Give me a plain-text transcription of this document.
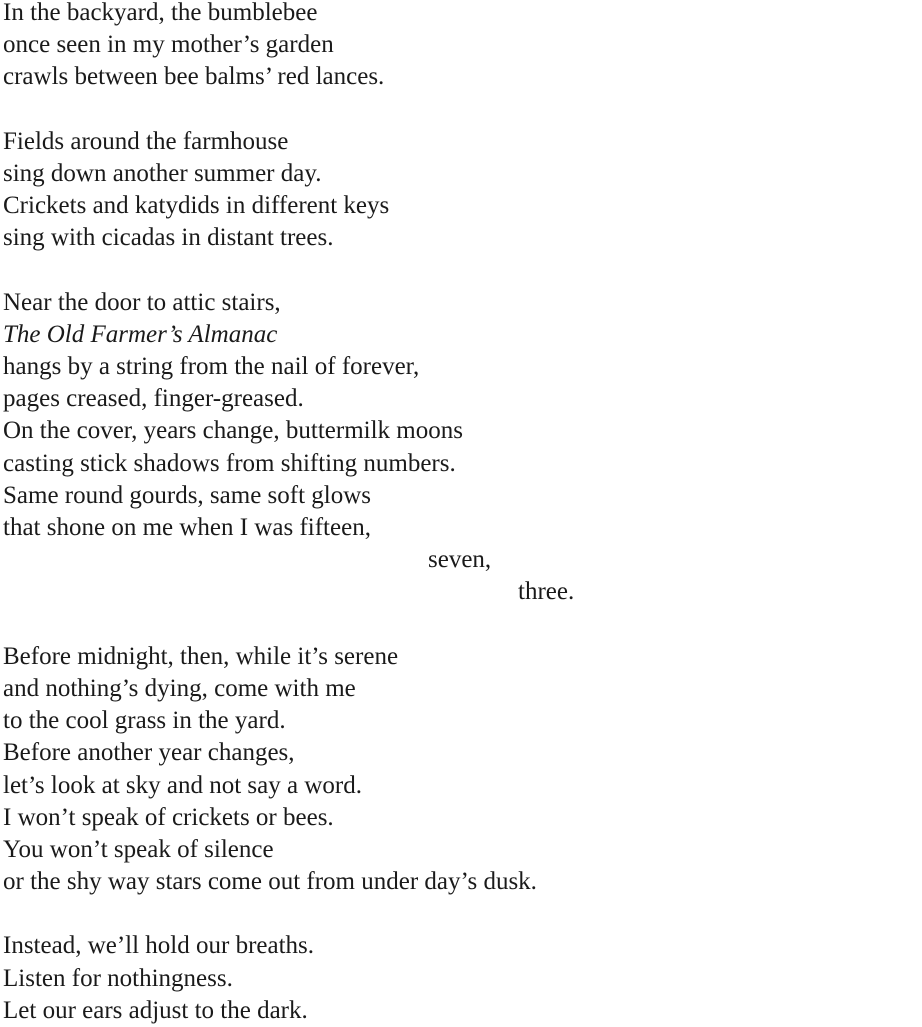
In the backyard, the bumblebee
once seen in my mother’s garden
crawls between bee balms’ red lances.
Fields around the farmhouse
sing down another summer day.
Crickets and katydids in different keys
sing with cicadas in distant trees.
Near the door to attic stairs,
The Old Farmer’s Almanac
hangs by a string from the nail of forever,
pages creased, finger-greased.
On the cover, years change, buttermilk moons
casting stick shadows from shifting numbers.
Same round gourds, same soft glows
that shone on me when I was fifteen,
seven,
three.
Before midnight, then, while it’s serene
and nothing’s dying, come with me
to the cool grass in the yard.
Before another year changes,
let’s look at sky and not say a word.
I won’t speak of crickets or bees.
You won’t speak of silence
or the shy way stars come out from under day’s dusk.
Instead, we’ll hold our breaths.
Listen for nothingness.
Let our ears adjust to the dark.
